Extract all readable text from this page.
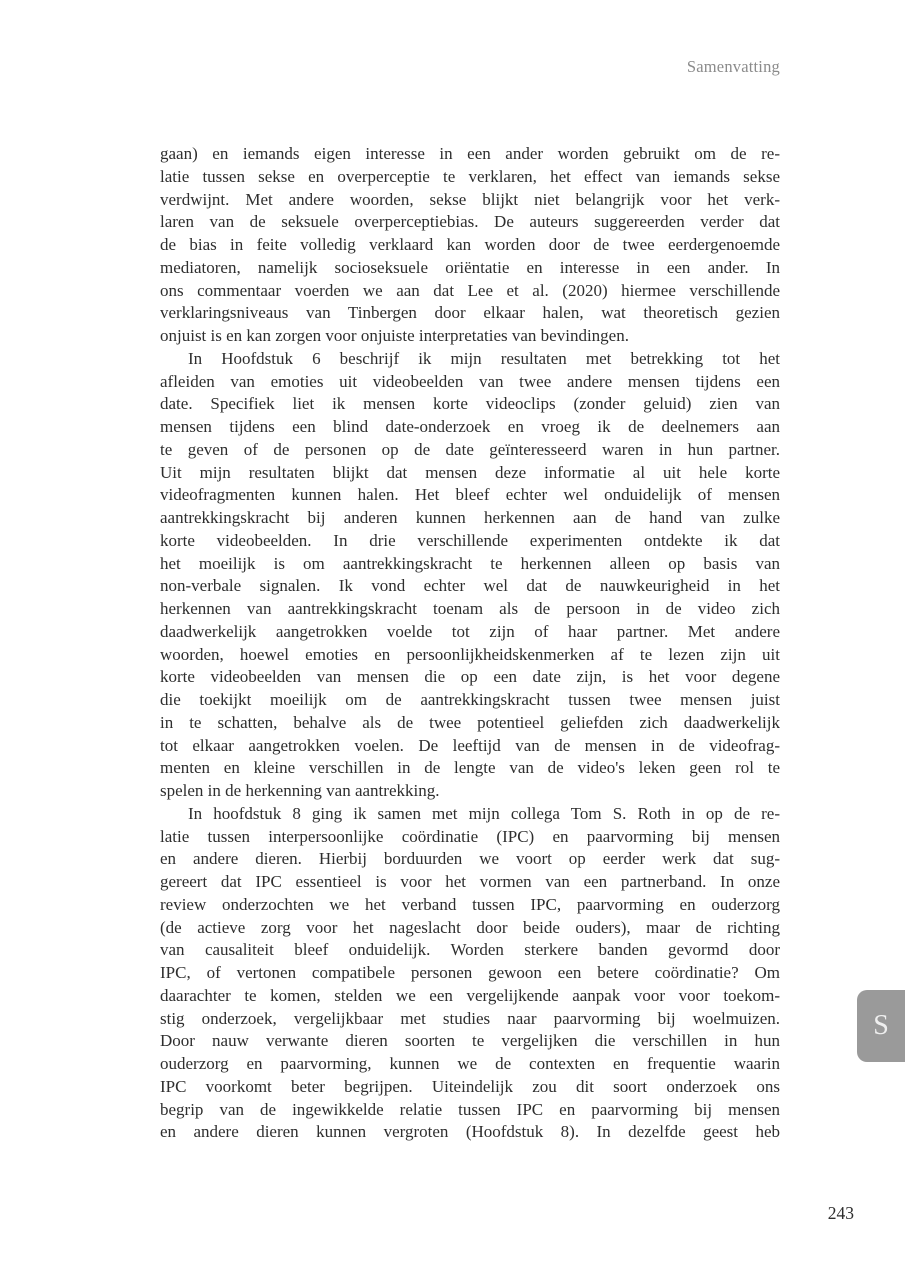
Samenvatting
gaan) en iemands eigen interesse in een ander worden gebruikt om de re-
latie tussen sekse en overperceptie te verklaren, het effect van iemands sekse
verdwijnt. Met andere woorden, sekse blijkt niet belangrijk voor het verk-
laren van de seksuele overperceptiebias. De auteurs suggereerden verder dat
de bias in feite volledig verklaard kan worden door de twee eerdergenoemde
mediatoren, namelijk socioseksuele oriëntatie en interesse in een ander. In
ons commentaar voerden we aan dat Lee et al. (2020) hiermee verschillende
verklaringsniveaus van Tinbergen door elkaar halen, wat theoretisch gezien
onjuist is en kan zorgen voor onjuiste interpretaties van bevindingen.
In Hoofdstuk 6 beschrijf ik mijn resultaten met betrekking tot het
afleiden van emoties uit videobeelden van twee andere mensen tijdens een
date. Specifiek liet ik mensen korte videoclips (zonder geluid) zien van
mensen tijdens een blind date-onderzoek en vroeg ik de deelnemers aan
te geven of de personen op de date geïnteresseerd waren in hun partner.
Uit mijn resultaten blijkt dat mensen deze informatie al uit hele korte
videofragmenten kunnen halen. Het bleef echter wel onduidelijk of mensen
aantrekkingskracht bij anderen kunnen herkennen aan de hand van zulke
korte videobeelden. In drie verschillende experimenten ontdekte ik dat
het moeilijk is om aantrekkingskracht te herkennen alleen op basis van
non-verbale signalen. Ik vond echter wel dat de nauwkeurigheid in het
herkennen van aantrekkingskracht toenam als de persoon in de video zich
daadwerkelijk aangetrokken voelde tot zijn of haar partner. Met andere
woorden, hoewel emoties en persoonlijkheidskenmerken af te lezen zijn uit
korte videobeelden van mensen die op een date zijn, is het voor degene
die toekijkt moeilijk om de aantrekkingskracht tussen twee mensen juist
in te schatten, behalve als de twee potentieel geliefden zich daadwerkelijk
tot elkaar aangetrokken voelen. De leeftijd van de mensen in de videofrag-
menten en kleine verschillen in de lengte van de video's leken geen rol te
spelen in de herkenning van aantrekking.
In hoofdstuk 8 ging ik samen met mijn collega Tom S. Roth in op de re-
latie tussen interpersoonlijke coördinatie (IPC) en paarvorming bij mensen
en andere dieren. Hierbij borduurden we voort op eerder werk dat sug-
gereert dat IPC essentieel is voor het vormen van een partnerband. In onze
review onderzochten we het verband tussen IPC, paarvorming en ouderzorg
(de actieve zorg voor het nageslacht door beide ouders), maar de richting
van causaliteit bleef onduidelijk. Worden sterkere banden gevormd door
IPC, of vertonen compatibele personen gewoon een betere coördinatie? Om
daarachter te komen, stelden we een vergelijkende aanpak voor voor toekom-
stig onderzoek, vergelijkbaar met studies naar paarvorming bij woelmuizen.
Door nauw verwante dieren soorten te vergelijken die verschillen in hun
ouderzorg en paarvorming, kunnen we de contexten en frequentie waarin
IPC voorkomt beter begrijpen. Uiteindelijk zou dit soort onderzoek ons
begrip van de ingewikkelde relatie tussen IPC en paarvorming bij mensen
en andere dieren kunnen vergroten (Hoofdstuk 8). In dezelfde geest heb
S
243
